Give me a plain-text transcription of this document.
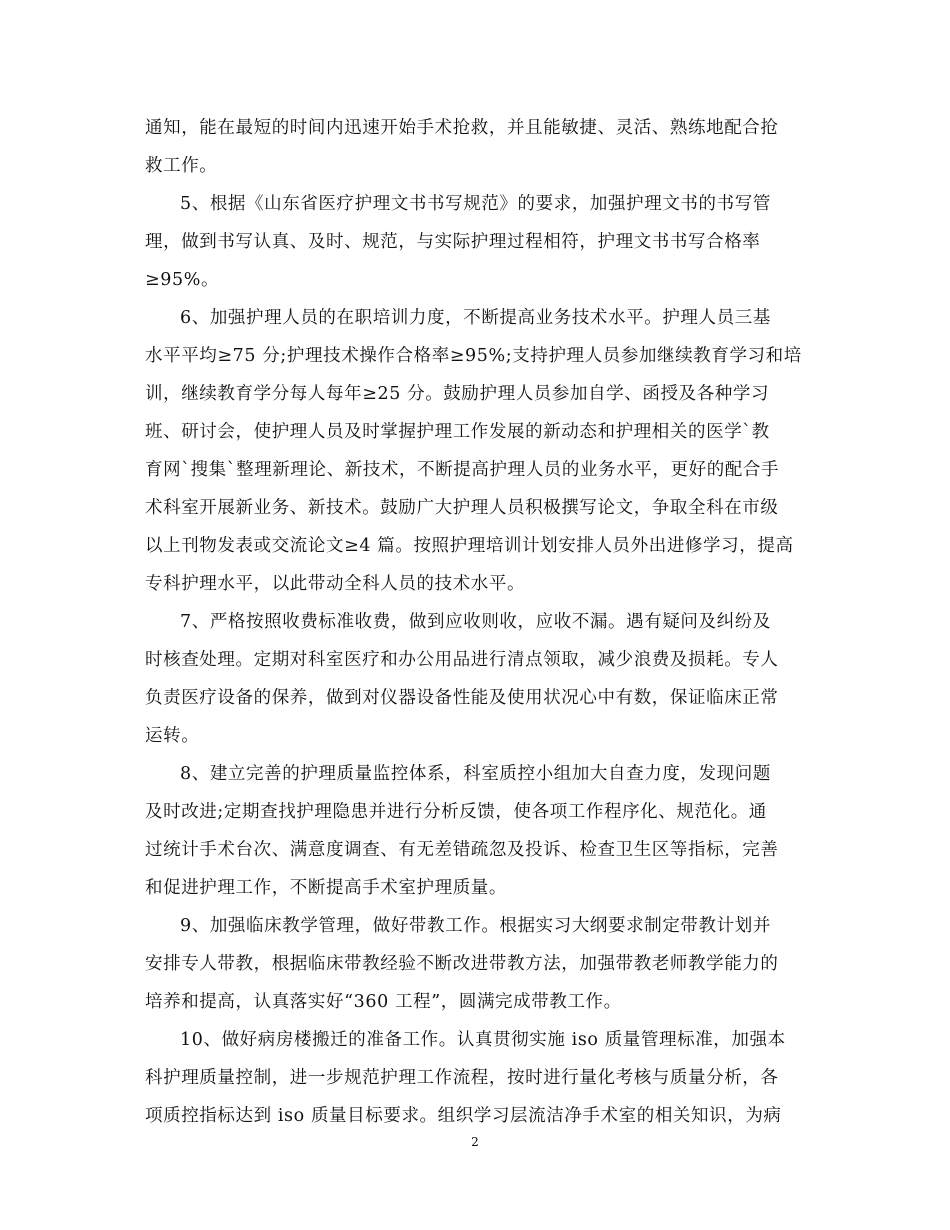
通知，能在最短的时间内迅速开始手术抢救，并且能敏捷、灵活、熟练地配合抢
救工作。
5、根据《山东省医疗护理文书书写规范》的要求，加强护理文书的书写管
理，做到书写认真、及时、规范，与实际护理过程相符，护理文书书写合格率
≥95%。
6、加强护理人员的在职培训力度，不断提高业务技术水平。护理人员三基
水平平均≥75 分;护理技术操作合格率≥95%;支持护理人员参加继续教育学习和培
训，继续教育学分每人每年≥25 分。鼓励护理人员参加自学、函授及各种学习
班、研讨会，使护理人员及时掌握护理工作发展的新动态和护理相关的医学`教
育网`搜集`整理新理论、新技术，不断提高护理人员的业务水平，更好的配合手
术科室开展新业务、新技术。鼓励广大护理人员积极撰写论文，争取全科在市级
以上刊物发表或交流论文≥4 篇。按照护理培训计划安排人员外出进修学习，提高
专科护理水平，以此带动全科人员的技术水平。
7、严格按照收费标准收费，做到应收则收，应收不漏。遇有疑问及纠纷及
时核查处理。定期对科室医疗和办公用品进行清点领取，减少浪费及损耗。专人
负责医疗设备的保养，做到对仪器设备性能及使用状况心中有数，保证临床正常
运转。
8、建立完善的护理质量监控体系，科室质控小组加大自查力度，发现问题
及时改进;定期查找护理隐患并进行分析反馈，使各项工作程序化、规范化。通
过统计手术台次、满意度调查、有无差错疏忽及投诉、检查卫生区等指标，完善
和促进护理工作，不断提高手术室护理质量。
9、加强临床教学管理，做好带教工作。根据实习大纲要求制定带教计划并
安排专人带教，根据临床带教经验不断改进带教方法，加强带教老师教学能力的
培养和提高，认真落实好“360 工程”，圆满完成带教工作。
10、做好病房楼搬迁的准备工作。认真贯彻实施 iso 质量管理标准，加强本
科护理质量控制，进一步规范护理工作流程，按时进行量化考核与质量分析，各
项质控指标达到 iso 质量目标要求。组织学习层流洁净手术室的相关知识，为病
2
